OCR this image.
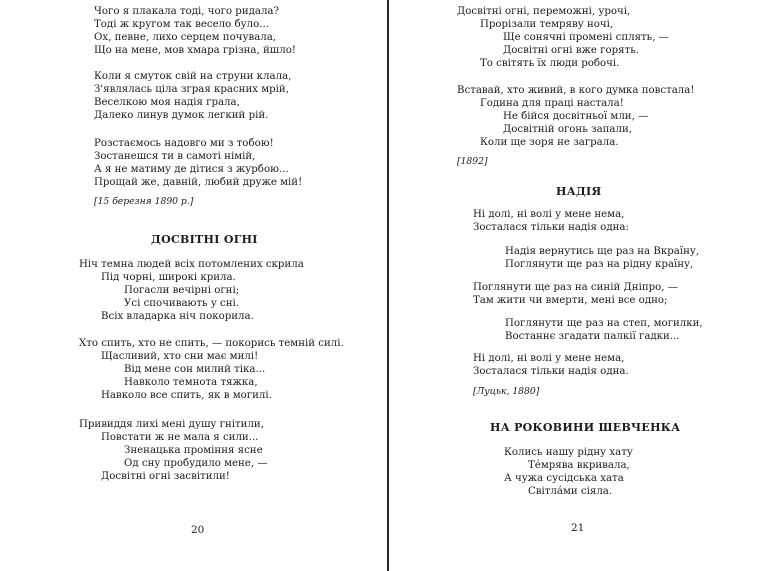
Чого я плакала тоді, чого ридала?
Тоді ж кругом так весело було...
Ох, певне, лихо серцем почувала,
Що на мене, мов хмара грізна, йшло!
Коли я смуток свій на струни клала,
З'являлась ціла зграя красних мрій,
Веселкою моя надія грала,
Далеко линув думок легкий рій.
Розстаємось надовго ми з тобою!
Зостанешся ти в самоті німій,
А я не матиму де дітися з журбою...
Прощай же, давній, любий друже мій!
[15 березня 1890 р.]
ДОСВІТНІ ОГНІ
Ніч темна людей всіх потомлених скрила
Під чорні, широкі крила.
Погасли вечірні огні;
Усі спочивають у сні.
Всіх владарка ніч покорила.
Хто спить, хто не спить, — покорись темній силі.
Щасливий, хто сни має милі!
Від мене сон милий тіка...
Навколо темнота тяжка,
Навколо все спить, як в могилі.
Привиддя лихі мені душу гнітили,
Повстати ж не мала я сили...
Зненацька проміння ясне
Од сну пробудило мене, —
Досвітні огні засвітили!
20
Досвітні огні, переможні, урочі,
Прорізали темряву ночі,
Ще сонячні промені сплять, —
Досвітні огні вже горять.
То світять їх люди робочі.
Вставай, хто живий, в кого думка повстала!
Година для праці настала!
Не бійся досвітньої мли, —
Досвітній огонь запали,
Коли ще зоря не заграла.
[1892]
НАДІЯ
Ні долі, ні волі у мене нема,
Зосталася тільки надія одна:
Надія вернутись ще раз на Вкраїну,
Поглянути ще раз на рідну країну,
Поглянути ще раз на синій Дніпро, —
Там жити чи вмерти, мені все одно;
Поглянути ще раз на степ, могилки,
Востаннє згадати палкії гадки...
Ні долі, ні волі у мене нема,
Зосталася тільки надія одна.
[Луцьк, 1880]
НА РОКОВИНИ ШЕВЧЕНКА
Колись нашу рідну хату
Те́мрява вкривала,
А чужа сусідська хата
Світла́ми сіяла.
21
